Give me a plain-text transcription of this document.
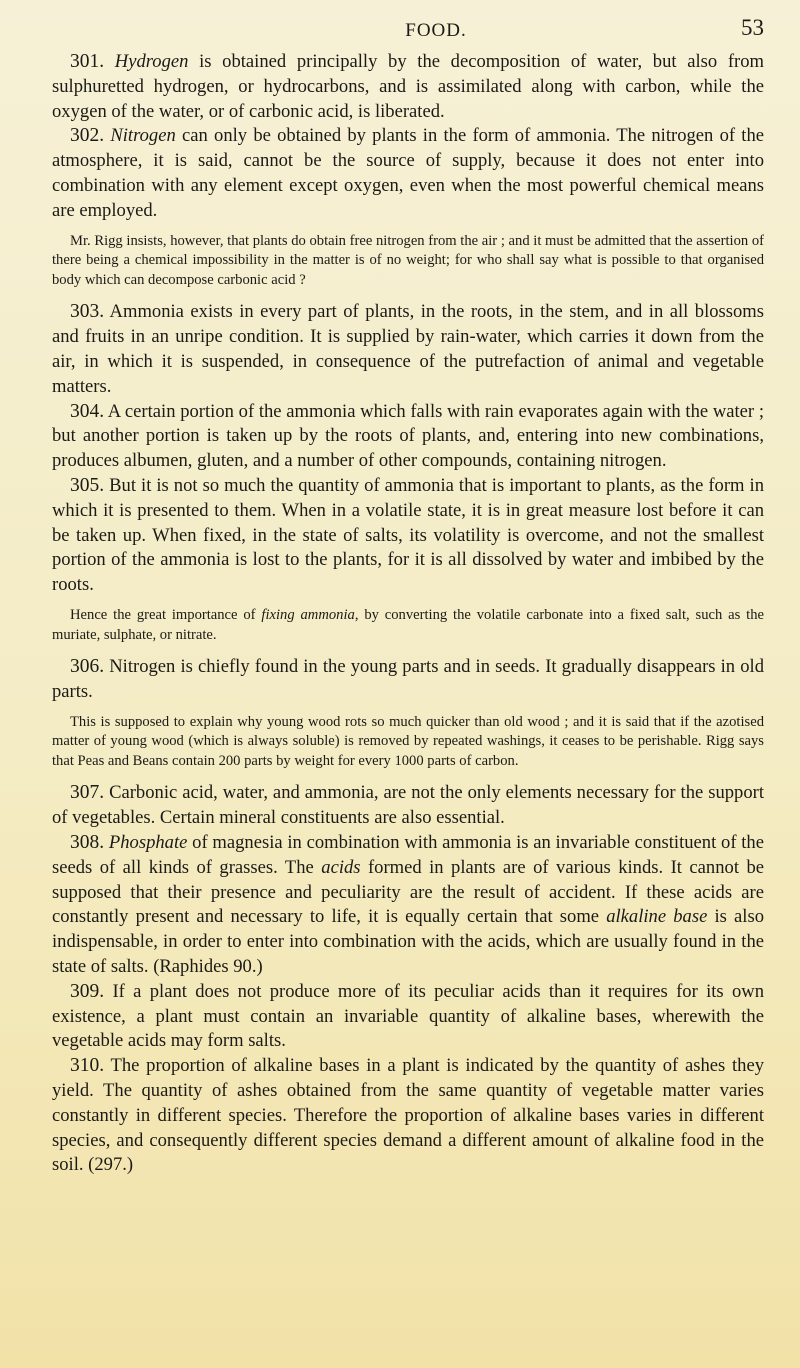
FOOD.	53

301. Hydrogen is obtained principally by the decomposition of water, but also from sulphuretted hydrogen, or hydrocarbons, and is assimilated along with carbon, while the oxygen of the water, or of carbonic acid, is liberated.

302. Nitrogen can only be obtained by plants in the form of ammonia. The nitrogen of the atmosphere, it is said, cannot be the source of supply, because it does not enter into combination with any element except oxygen, even when the most powerful chemical means are employed.

Mr. Rigg insists, however, that plants do obtain free nitrogen from the air ; and it must be admitted that the assertion of there being a chemical impossibility in the matter is of no weight; for who shall say what is possible to that organised body which can decompose carbonic acid ?

303. Ammonia exists in every part of plants, in the roots, in the stem, and in all blossoms and fruits in an unripe condition. It is supplied by rain-water, which carries it down from the air, in which it is suspended, in consequence of the putrefaction of animal and vegetable matters.

304. A certain portion of the ammonia which falls with rain evaporates again with the water ; but another portion is taken up by the roots of plants, and, entering into new combinations, produces albumen, gluten, and a number of other compounds, containing nitrogen.

305. But it is not so much the quantity of ammonia that is important to plants, as the form in which it is presented to them. When in a volatile state, it is in great measure lost before it can be taken up. When fixed, in the state of salts, its volatility is overcome, and not the smallest portion of the ammonia is lost to the plants, for it is all dissolved by water and imbibed by the roots.

Hence the great importance of fixing ammonia, by converting the volatile carbonate into a fixed salt, such as the muriate, sulphate, or nitrate.

306. Nitrogen is chiefly found in the young parts and in seeds. It gradually disappears in old parts.

This is supposed to explain why young wood rots so much quicker than old wood ; and it is said that if the azotised matter of young wood (which is always soluble) is removed by repeated washings, it ceases to be perishable. Rigg says that Peas and Beans contain 200 parts by weight for every 1000 parts of carbon.

307. Carbonic acid, water, and ammonia, are not the only elements necessary for the support of vegetables. Certain mineral constituents are also essential.

308. Phosphate of magnesia in combination with ammonia is an invariable constituent of the seeds of all kinds of grasses. The acids formed in plants are of various kinds. It cannot be supposed that their presence and peculiarity are the result of accident. If these acids are constantly present and necessary to life, it is equally certain that some alkaline base is also indispensable, in order to enter into combination with the acids, which are usually found in the state of salts. (Raphides 90.)

309. If a plant does not produce more of its peculiar acids than it requires for its own existence, a plant must contain an invariable quantity of alkaline bases, wherewith the vegetable acids may form salts.

310. The proportion of alkaline bases in a plant is indicated by the quantity of ashes they yield. The quantity of ashes obtained from the same quantity of vegetable matter varies constantly in different species. Therefore the proportion of alkaline bases varies in different species, and consequently different species demand a different amount of alkaline food in the soil. (297.)
